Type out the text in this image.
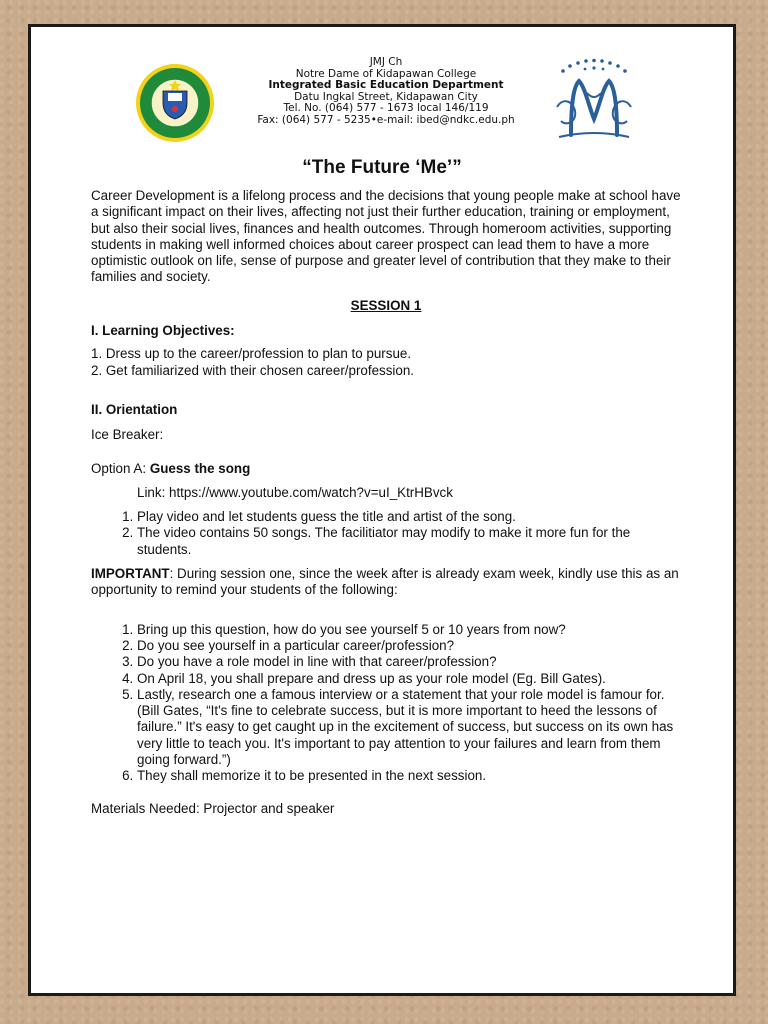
JMJ Ch
Notre Dame of Kidapawan College
Integrated Basic Education Department
Datu Ingkal Street, Kidapawan City
Tel. No. (064) 577 - 1673 local 146/119
Fax: (064) 577 - 5235•e-mail: ibed@ndkc.edu.ph
“The Future ‘Me’”

Career Development is a lifelong process and the decisions that young people make at school have a significant impact on their lives, affecting not just their further education, training or employment, but also their social lives, finances and health outcomes. Through homeroom activities, supporting students in making well informed choices about career prospect can lead them to have a more optimistic outlook on life, sense of purpose and greater level of contribution that they make to their families and society.

SESSION 1
I. Learning Objectives:
1. Dress up to the career/profession to plan to pursue.
2. Get familiarized with their chosen career/profession.
II. Orientation
Ice Breaker:
Option A: Guess the song
Link: https://www.youtube.com/watch?v=uI_KtrHBvck
1. Play video and let students guess the title and artist of the song.
2. The video contains 50 songs. The facilitiator may modify to make it more fun for the students.
IMPORTANT: During session one, since the week after is already exam week, kindly use this as an opportunity to remind your students of the following:
1. Bring up this question, how do you see yourself 5 or 10 years from now?
2. Do you see yourself in a particular career/profession?
3. Do you have a role model in line with that career/profession?
4. On April 18, you shall prepare and dress up as your role model (Eg. Bill Gates).
5. Lastly, research one a famous interview or a statement that your role model is famour for.
(Bill Gates, “It's fine to celebrate success, but it is more important to heed the lessons of failure.” It's easy to get caught up in the excitement of success, but success on its own has very little to teach you. It's important to pay attention to your failures and learn from them going forward.”)
6. They shall memorize it to be presented in the next session.
Materials Needed: Projector and speaker
